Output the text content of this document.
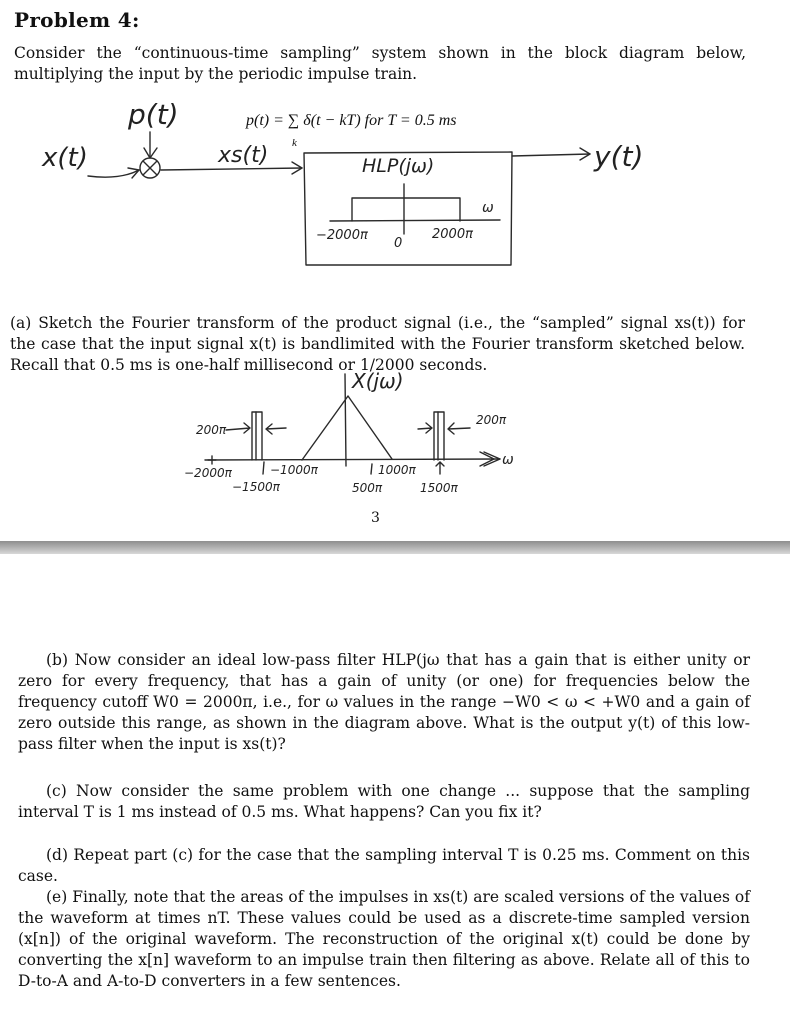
Problem 4:
Consider the “continuous-time sampling” system shown in the block diagram below, multiplying the input by the periodic impulse train.
p(t)	p(t) = ∑ δ(t − kT) for T = 0.5 ms
k
x(t)	xs(t)	HLP(jω)
ω
−2000π
0
2000π
y(t)
(a) Sketch the Fourier transform of the product signal (i.e., the “sampled” signal xs(t)) for the case that the input signal x(t) is bandlimited with the Fourier transform sketched below. Recall that 0.5 ms is one-half millisecond or 1/2000 seconds.
X(jω)
ω
200π
200π
−2000π	−1000π
−1500π
1000π
500π	1500π
3
(b) Now consider an ideal low-pass filter HLP(jω that has a gain that is either unity or zero for every frequency, that has a gain of unity (or one) for frequencies below the frequency cutoff W0 = 2000π, i.e., for ω values in the range −W0 < ω < +W0 and a gain of zero outside this range, as shown in the diagram above. What is the output y(t) of this low-pass filter when the input is xs(t)?
(c) Now consider the same problem with one change ... suppose that the sampling interval T is 1 ms instead of 0.5 ms. What happens? Can you fix it?
(d) Repeat part (c) for the case that the sampling interval T is 0.25 ms. Comment on this case.
(e) Finally, note that the areas of the impulses in xs(t) are scaled versions of the values of the waveform at times nT. These values could be used as a discrete-time sampled version (x[n]) of the original waveform. The reconstruction of the original x(t) could be done by converting the x[n] waveform to an impulse train then filtering as above. Relate all of this to D-to-A and A-to-D converters in a few sentences.
